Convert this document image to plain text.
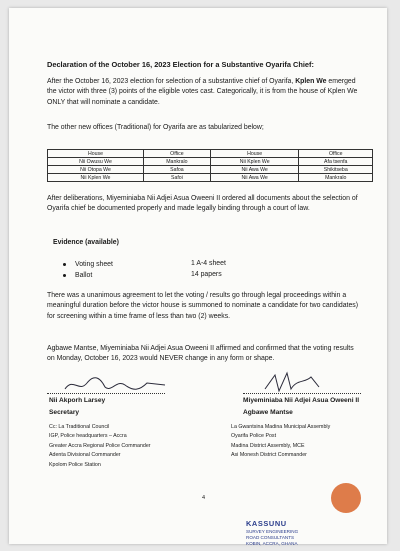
Declaration of the October 16, 2023 Election for a Substantive Oyarifa Chief:
After the October 16, 2023 election for selection of a substantive chief of Oyarifa, Kplen We emerged the victor with three (3) points of the eligible votes cast. Categorically, it is from the house of Kplen We ONLY that will nominate a candidate.
The other new offices (Traditional) for Oyarifa are as tabularized below;
House	Office	House	Office
Nii Owusu We	Mankralo	Nii Kplen We	Afa tsenfa
Nii Otopa We	Safoa	Nii Awa We	Shikitseba
Nii Kplen We	Safoi	Nii Awa We	Mankralo
After deliberations, Miyeminiaba Nii Adjei Asua Oweeni II ordered all documents about the selection of Oyarifa chief be documented properly and made legally binding through a court of law.
Evidence (available)
Voting sheet	1 A-4 sheet
Ballot	14 papers
There was a unanimous agreement to let the voting / results go through legal proceedings within a meaningful duration before the victor house is summoned to nominate a candidate for two candidates) for screening within a time frame of less than two (2) weeks.
Agbawe Mantse, Miyeminiaba Nii Adjei Asua Oweeni II affirmed and confirmed that the voting results on Monday, October 16, 2023 would NEVER change in any form or shape.
Nii Akporh Larsey
Secretary
Miyeminiaba Nii Adjei Asua Oweeni II
Agbawe Mantse
Cc: La Traditional Council
IGP, Police headquarters – Accra
Greater Accra Regional Police Commander
Adenta Divisional Commander
Kpolom Police Station
La Gwantsina Madina Municipal Assembly
Oyarifa Police Post
Madina District Assembly, MCE
Asi Monesh District Commander
4
KASSUNU
SURVEY ENGINEERING
ROAD CONSULTANTS
KOBIN, ACCRA, GHANA
